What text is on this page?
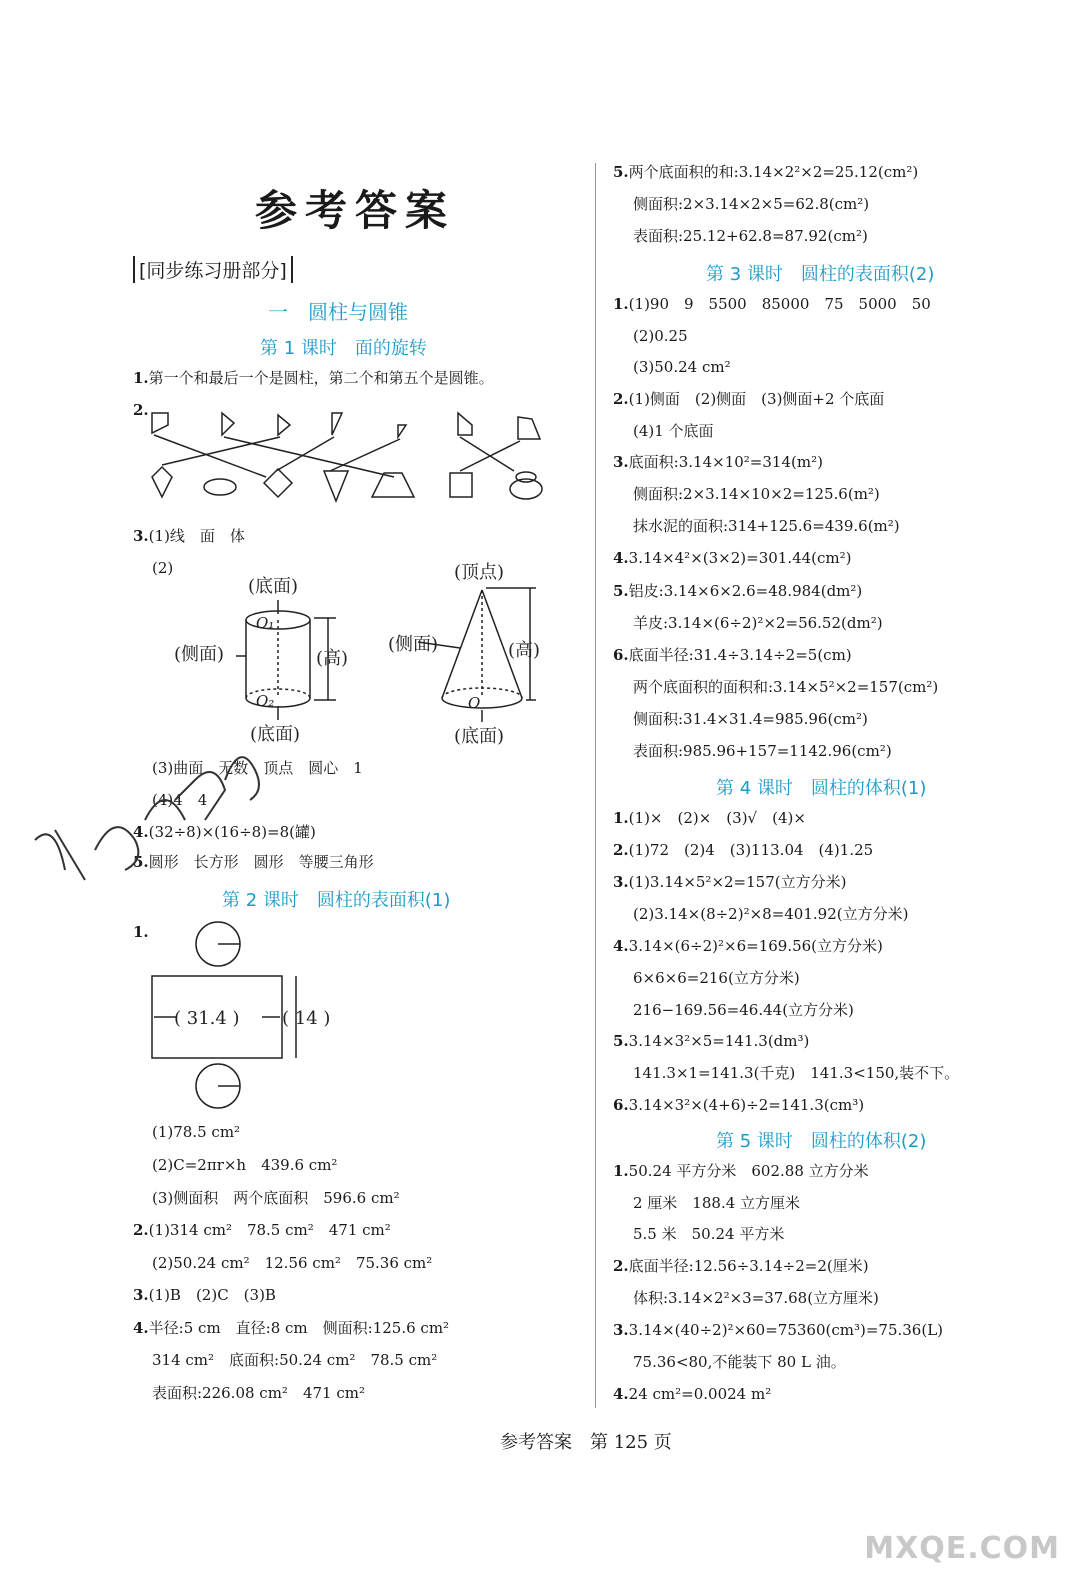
参考答案
[同步练习册部分]
一　圆柱与圆锥
第 1 课时　面的旋转
1.第一个和最后一个是圆柱，第二个和第五个是圆锥。
2.
3.(1)线　面　体
(2)
(底面)
(侧面)	(高)
(底面)
O₁
O₂
(顶点)
(侧面)	(高)
O
(底面)
(3)曲面　无数　顶点　圆心　1
(4)4　4
4.(32÷8)×(16÷8)=8(罐)
5.圆形　长方形　圆形　等腰三角形
第 2 课时　圆柱的表面积(1)
1.
( 31.4 ) ( 14 )
(1)78.5 cm²
(2)C=2πr×h　439.6 cm²
(3)侧面积　两个底面积　596.6 cm²
2.(1)314 cm²　78.5 cm²　471 cm²
(2)50.24 cm²　12.56 cm²　75.36 cm²
3.(1)B　(2)C　(3)B
4.半径:5 cm　直径:8 cm　侧面积:125.6 cm²
314 cm²　底面积:50.24 cm²　78.5 cm²
表面积:226.08 cm²　471 cm²
5.两个底面积的和:3.14×2²×2=25.12(cm²)
侧面积:2×3.14×2×5=62.8(cm²)
表面积:25.12+62.8=87.92(cm²)
第 3 课时　圆柱的表面积(2)
1.(1)90　9　5500　85000　75　5000　50
(2)0.25
(3)50.24 cm²
2.(1)侧面　(2)侧面　(3)侧面+2 个底面
(4)1 个底面
3.底面积:3.14×10²=314(m²)
侧面积:2×3.14×10×2=125.6(m²)
抹水泥的面积:314+125.6=439.6(m²)
4.3.14×4²×(3×2)=301.44(cm²)
5.铝皮:3.14×6×2.6=48.984(dm²)
羊皮:3.14×(6÷2)²×2=56.52(dm²)
6.底面半径:31.4÷3.14÷2=5(cm)
两个底面积的面积和:3.14×5²×2=157(cm²)
侧面积:31.4×31.4=985.96(cm²)
表面积:985.96+157=1142.96(cm²)
第 4 课时　圆柱的体积(1)
1.(1)×　(2)×　(3)√　(4)×
2.(1)72　(2)4　(3)113.04　(4)1.25
3.(1)3.14×5²×2=157(立方分米)
(2)3.14×(8÷2)²×8=401.92(立方分米)
4.3.14×(6÷2)²×6=169.56(立方分米)
6×6×6=216(立方分米)
216−169.56=46.44(立方分米)
5.3.14×3²×5=141.3(dm³)
141.3×1=141.3(千克)　141.3<150,装不下。
6.3.14×3²×(4+6)÷2=141.3(cm³)
第 5 课时　圆柱的体积(2)
1.50.24 平方分米　602.88 立方分米
2 厘米　188.4 立方厘米
5.5 米　50.24 平方米
2.底面半径:12.56÷3.14÷2=2(厘米)
体积:3.14×2²×3=37.68(立方厘米)
3.3.14×(40÷2)²×60=75360(cm³)=75.36(L)
75.36<80,不能装下 80 L 油。
4.24 cm²=0.0024 m²
参考答案　第 125 页
MXQE.COM
